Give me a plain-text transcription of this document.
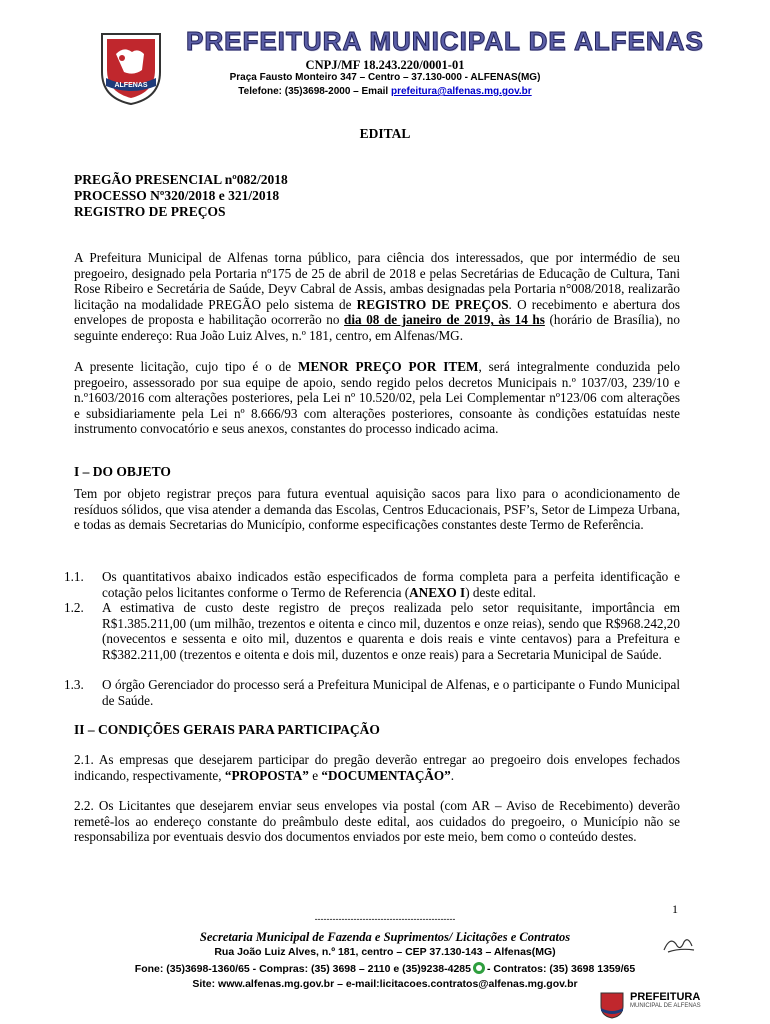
ALFENAS
PREFEITURA MUNICIPAL DE ALFENAS
CNPJ/MF 18.243.220/0001-01
Praça Fausto Monteiro 347 – Centro – 37.130-000 - ALFENAS(MG)
Telefone: (35)3698-2000 – Email prefeitura@alfenas.mg.gov.br
EDITAL
PREGÃO PRESENCIAL nº082/2018
PROCESSO Nº320/2018 e 321/2018
REGISTRO DE PREÇOS
A Prefeitura Municipal de Alfenas torna público, para ciência dos interessados, que por intermédio de seu pregoeiro, designado pela Portaria nº175 de 25 de abril de 2018 e pelas Secretárias de Educação de Cultura, Tani Rose Ribeiro e Secretária de Saúde, Deyv Cabral de Assis, ambas designadas pela Portaria n°008/2018, realizarão licitação na modalidade PREGÃO pelo sistema de REGISTRO DE PREÇOS. O recebimento e abertura dos envelopes de proposta e habilitação ocorrerão no dia 08 de janeiro de 2019, às 14 hs (horário de Brasília), no seguinte endereço: Rua João Luiz Alves, n.º 181, centro, em Alfenas/MG.
A presente licitação, cujo tipo é o de MENOR PREÇO POR ITEM, será integralmente conduzida pelo pregoeiro, assessorado por sua equipe de apoio, sendo regido pelos decretos Municipais n.º 1037/03, 239/10 e n.º1603/2016 com alterações posteriores, pela Lei nº 10.520/02, pela Lei Complementar nº123/06 com alterações e subsidiariamente pela Lei nº 8.666/93 com alterações posteriores, consoante às condições estatuídas neste instrumento convocatório e seus anexos, constantes do processo indicado acima.
I – DO OBJETO
Tem por objeto registrar preços para futura eventual aquisição sacos para lixo para o acondicionamento de resíduos sólidos, que visa atender a demanda das Escolas, Centros Educacionais, PSF’s, Setor de Limpeza Urbana, e todas as demais Secretarias do Município, conforme especificações constantes deste Termo de Referência.
1.1.	Os quantitativos abaixo indicados estão especificados de forma completa para a perfeita identificação e cotação pelos licitantes conforme o Termo de Referencia (ANEXO I) deste edital.
1.2.	A estimativa de custo deste registro de preços realizada pelo setor requisitante, importância em R$1.385.211,00 (um milhão, trezentos e oitenta e cinco mil, duzentos e onze reias), sendo que R$968.242,20 (novecentos e sessenta e oito mil, duzentos e quarenta e dois reais e vinte centavos) para a Prefeitura e R$382.211,00 (trezentos e oitenta e dois mil, duzentos e onze reais) para a Secretaria Municipal de Saúde.
1.3.	O órgão Gerenciador do processo será a Prefeitura Municipal de Alfenas, e o participante o Fundo Municipal de Saúde.
II – CONDIÇÕES GERAIS PARA PARTICIPAÇÃO
2.1. As empresas que desejarem participar do pregão deverão entregar ao pregoeiro dois envelopes fechados indicando, respectivamente, “PROPOSTA” e “DOCUMENTAÇÃO”.
2.2. Os Licitantes que desejarem enviar seus envelopes via postal (com AR – Aviso de Recebimento) deverão remetê-los ao endereço constante do preâmbulo deste edital, aos cuidados do pregoeiro, o Município não se responsabiliza por eventuais desvio dos documentos enviados por este meio, bem como o conteúdo destes.
1
-----------------------------------------------
Secretaria Municipal de Fazenda e Suprimentos/ Licitações e Contratos
Rua João Luiz Alves, n.º 181, centro – CEP 37.130-143 – Alfenas(MG)
Fone: (35)3698-1360/65 - Compras: (35) 3698 – 2110 e (35)9238-4285 - Contratos: (35) 3698 1359/65
Site: www.alfenas.mg.gov.br – e-mail:licitacoes.contratos@alfenas.mg.gov.br
PREFEITURA
MUNICIPAL DE ALFENAS
